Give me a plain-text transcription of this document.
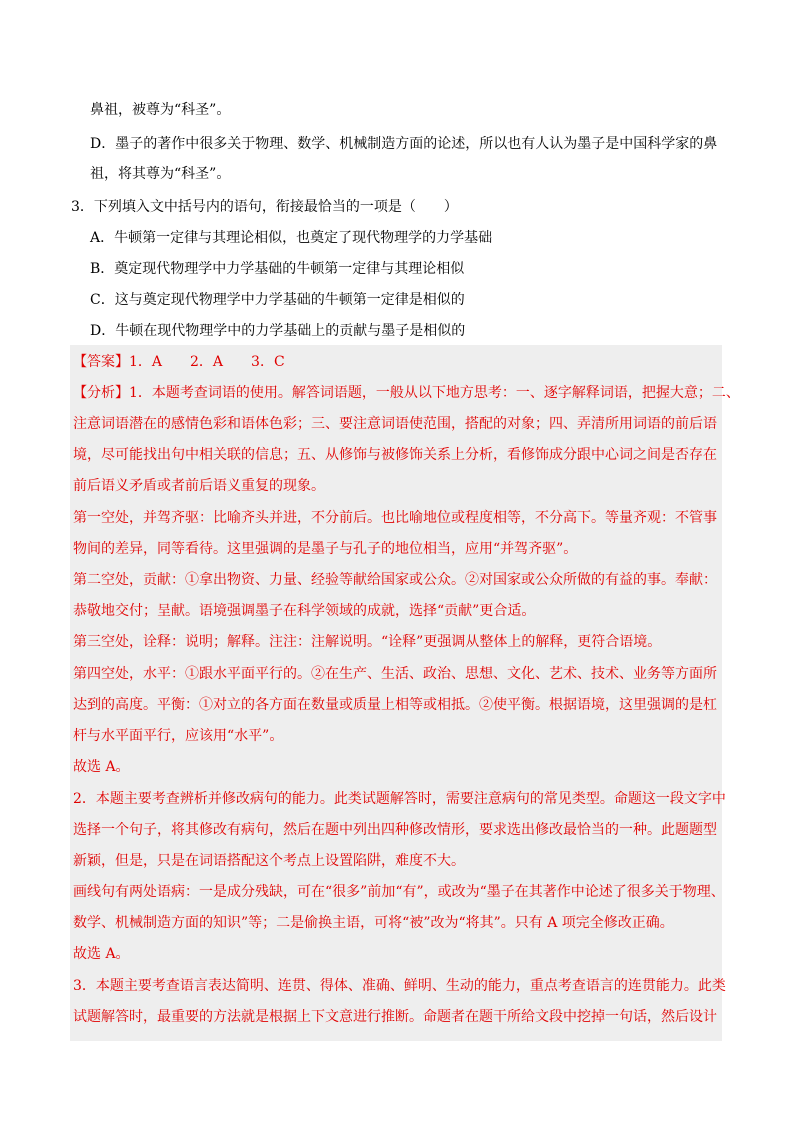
鼻祖，被尊为“科圣”。
D．墨子的著作中很多关于物理、数学、机械制造方面的论述，所以也有人认为墨子是中国科学家的鼻
祖，将其尊为“科圣”。
3．下列填入文中括号内的语句，衔接最恰当的一项是（　　）
A．牛顿第一定律与其理论相似，也奠定了现代物理学的力学基础
B．奠定现代物理学中力学基础的牛顿第一定律与其理论相似
C．这与奠定现代物理学中力学基础的牛顿第一定律是相似的
D．牛顿在现代物理学中的力学基础上的贡献与墨子是相似的
【答案】1．A　　2．A　　3．C
【分析】1．本题考查词语的使用。解答词语题，一般从以下地方思考：一、逐字解释词语，把握大意；二、
注意词语潜在的感情色彩和语体色彩；三、要注意词语使范围，搭配的对象；四、弄清所用词语的前后语
境，尽可能找出句中相关联的信息；五、从修饰与被修饰关系上分析，看修饰成分跟中心词之间是否存在
前后语义矛盾或者前后语义重复的现象。
第一空处，并驾齐驱：比喻齐头并进，不分前后。也比喻地位或程度相等，不分高下。等量齐观：不管事
物间的差异，同等看待。这里强调的是墨子与孔子的地位相当，应用“并驾齐驱”。
第二空处，贡献：①拿出物资、力量、经验等献给国家或公众。②对国家或公众所做的有益的事。奉献：
恭敬地交付；呈献。语境强调墨子在科学领域的成就，选择“贡献”更合适。
第三空处，诠释：说明；解释。注注：注解说明。“诠释”更强调从整体上的解释，更符合语境。
第四空处，水平：①跟水平面平行的。②在生产、生活、政治、思想、文化、艺术、技术、业务等方面所
达到的高度。平衡：①对立的各方面在数量或质量上相等或相抵。②使平衡。根据语境，这里强调的是杠
杆与水平面平行，应该用“水平”。
故选 A。
2．本题主要考查辨析并修改病句的能力。此类试题解答时，需要注意病句的常见类型。命题这一段文字中
选择一个句子，将其修改有病句，然后在题中列出四种修改情形，要求选出修改最恰当的一种。此题题型
新颖，但是，只是在词语搭配这个考点上设置陷阱，难度不大。
画线句有两处语病：一是成分残缺，可在“很多”前加“有”，或改为“墨子在其著作中论述了很多关于物理、
数学、机械制造方面的知识”等；二是偷换主语，可将“被”改为“将其”。只有 A 项完全修改正确。
故选 A。
3．本题主要考查语言表达简明、连贯、得体、准确、鲜明、生动的能力，重点考查语言的连贯能力。此类
试题解答时，最重要的方法就是根据上下文意进行推断。命题者在题干所给文段中挖掉一句话，然后设计
